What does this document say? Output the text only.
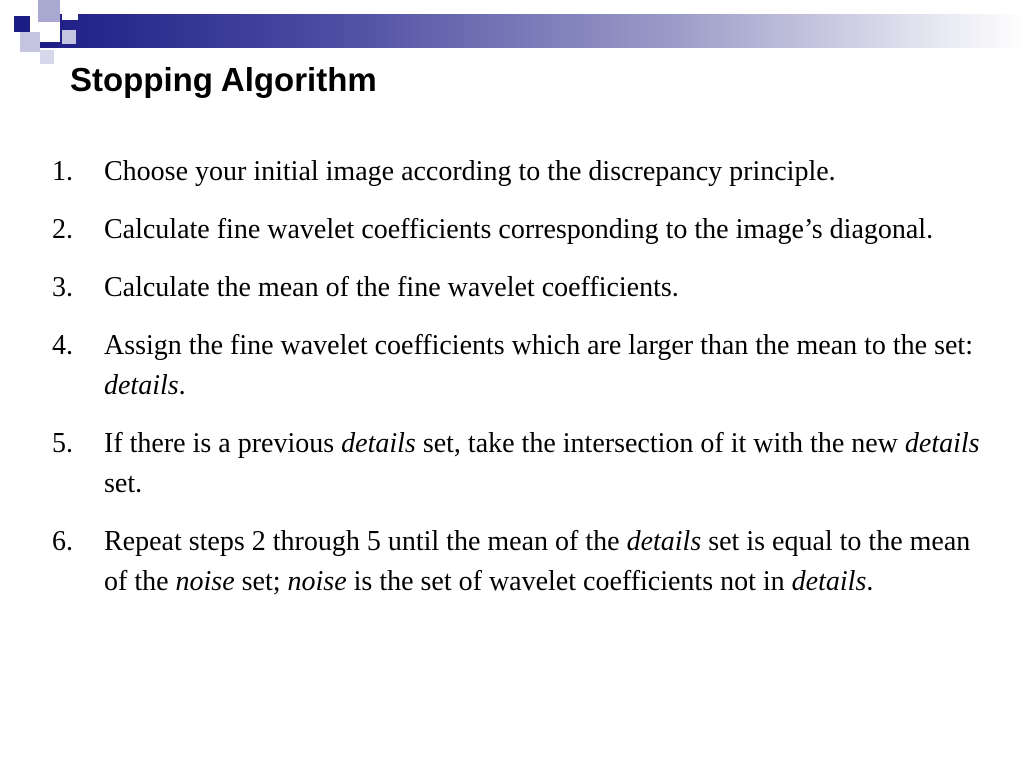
Stopping Algorithm
1. Choose your initial image according to the discrepancy principle.
2. Calculate fine wavelet coefficients corresponding to the image’s diagonal.
3. Calculate the mean of the fine wavelet coefficients.
4. Assign the fine wavelet coefficients which are larger than the mean to the set: details.
5. If there is a previous details set, take the intersection of it with the new details set.
6. Repeat steps 2 through 5 until the mean of the details set is equal to the mean of the noise set; noise is the set of wavelet coefficients not in details.
